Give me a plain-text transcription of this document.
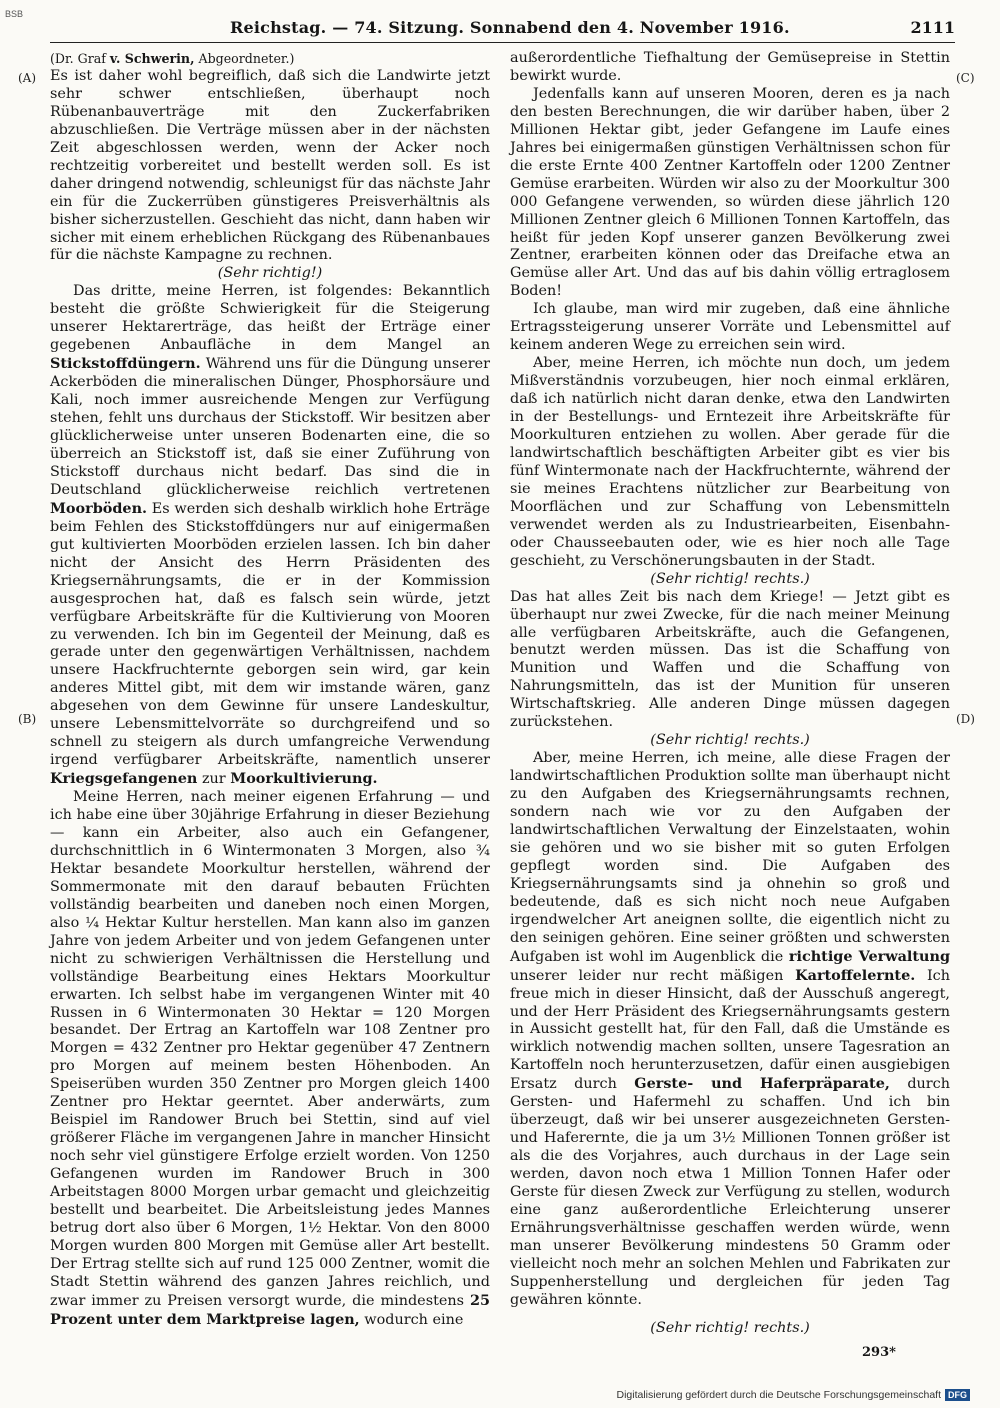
BSB
Reichstag. — 74. Sitzung. Sonnabend den 4. November 1916.	2111
(A)
(B)
(C)
(D)

(Dr. Graf v. Schwerin, Abgeordneter.)

Es ist daher wohl begreiflich, daß sich die Landwirte jetzt sehr schwer entschließen, überhaupt noch Rübenanbauverträge mit den Zuckerfabriken abzuschließen. Die Verträge müssen aber in der nächsten Zeit abgeschlossen werden, wenn der Acker noch rechtzeitig vorbereitet und bestellt werden soll. Es ist daher dringend notwendig, schleunigst für das nächste Jahr ein für die Zuckerrüben günstigeres Preisverhältnis als bisher sicherzustellen. Geschieht das nicht, dann haben wir sicher mit einem erheblichen Rückgang des Rübenanbaues für die nächste Kampagne zu rechnen.

(Sehr richtig!)

Das dritte, meine Herren, ist folgendes: Bekanntlich besteht die größte Schwierigkeit für die Steigerung unserer Hektarerträge, das heißt der Erträge einer gegebenen Anbaufläche in dem Mangel an Stickstoffdüngern. Während uns für die Düngung unserer Ackerböden die mineralischen Dünger, Phosphorsäure und Kali, noch immer ausreichende Mengen zur Verfügung stehen, fehlt uns durchaus der Stickstoff. Wir besitzen aber glücklicherweise unter unseren Bodenarten eine, die so überreich an Stickstoff ist, daß sie einer Zuführung von Stickstoff durchaus nicht bedarf. Das sind die in Deutschland glücklicherweise reichlich vertretenen Moorböden. Es werden sich deshalb wirklich hohe Erträge beim Fehlen des Stickstoffdüngers nur auf einigermaßen gut kultivierten Moorböden erzielen lassen. Ich bin daher nicht der Ansicht des Herrn Präsidenten des Kriegsernährungsamts, die er in der Kommission ausgesprochen hat, daß es falsch sein würde, jetzt verfügbare Arbeitskräfte für die Kultivierung von Mooren zu verwenden. Ich bin im Gegenteil der Meinung, daß es gerade unter den gegenwärtigen Verhältnissen, nachdem unsere Hackfruchternte geborgen sein wird, gar kein anderes Mittel gibt, mit dem wir imstande wären, ganz abgesehen von dem Gewinne für unsere Landeskultur, unsere Lebensmittelvorräte so durchgreifend und so schnell zu steigern als durch umfangreiche Verwendung irgend verfügbarer Arbeitskräfte, namentlich unserer Kriegsgefangenen zur Moorkultivierung.

Meine Herren, nach meiner eigenen Erfahrung — und ich habe eine über 30jährige Erfahrung in dieser Beziehung — kann ein Arbeiter, also auch ein Gefangener, durchschnittlich in 6 Wintermonaten 3 Morgen, also ¾ Hektar besandete Moorkultur herstellen, während der Sommermonate mit den darauf bebauten Früchten vollständig bearbeiten und daneben noch einen Morgen, also ¼ Hektar Kultur herstellen. Man kann also im ganzen Jahre von jedem Arbeiter und von jedem Gefangenen unter nicht zu schwierigen Verhältnissen die Herstellung und vollständige Bearbeitung eines Hektars Moorkultur erwarten. Ich selbst habe im vergangenen Winter mit 40 Russen in 6 Wintermonaten 30 Hektar = 120 Morgen besandet. Der Ertrag an Kartoffeln war 108 Zentner pro Morgen = 432 Zentner pro Hektar gegenüber 47 Zentnern pro Morgen auf meinem besten Höhenboden. An Speiserüben wurden 350 Zentner pro Morgen gleich 1400 Zentner pro Hektar geerntet. Aber anderwärts, zum Beispiel im Randower Bruch bei Stettin, sind auf viel größerer Fläche im vergangenen Jahre in mancher Hinsicht noch sehr viel günstigere Erfolge erzielt worden. Von 1250 Gefangenen wurden im Randower Bruch in 300 Arbeitstagen 8000 Morgen urbar gemacht und gleichzeitig bestellt und bearbeitet. Die Arbeitsleistung jedes Mannes betrug dort also über 6 Morgen, 1½ Hektar. Von den 8000 Morgen wurden 800 Morgen mit Gemüse aller Art bestellt. Der Ertrag stellte sich auf rund 125 000 Zentner, womit die Stadt Stettin während des ganzen Jahres reichlich, und zwar immer zu Preisen versorgt wurde, die mindestens 25 Prozent unter dem Marktpreise lagen, wodurch eine

außerordentliche Tiefhaltung der Gemüsepreise in Stettin bewirkt wurde.

Jedenfalls kann auf unseren Mooren, deren es ja nach den besten Berechnungen, die wir darüber haben, über 2 Millionen Hektar gibt, jeder Gefangene im Laufe eines Jahres bei einigermaßen günstigen Verhältnissen schon für die erste Ernte 400 Zentner Kartoffeln oder 1200 Zentner Gemüse erarbeiten. Würden wir also zu der Moorkultur 300 000 Gefangene verwenden, so würden diese jährlich 120 Millionen Zentner gleich 6 Millionen Tonnen Kartoffeln, das heißt für jeden Kopf unserer ganzen Bevölkerung zwei Zentner, erarbeiten können oder das Dreifache etwa an Gemüse aller Art. Und das auf bis dahin völlig ertraglosem Boden!

Ich glaube, man wird mir zugeben, daß eine ähnliche Ertragssteigerung unserer Vorräte und Lebensmittel auf keinem anderen Wege zu erreichen sein wird.

Aber, meine Herren, ich möchte nun doch, um jedem Mißverständnis vorzubeugen, hier noch einmal erklären, daß ich natürlich nicht daran denke, etwa den Landwirten in der Bestellungs- und Erntezeit ihre Arbeitskräfte für Moorkulturen entziehen zu wollen. Aber gerade für die landwirtschaftlich beschäftigten Arbeiter gibt es vier bis fünf Wintermonate nach der Hackfruchternte, während der sie meines Erachtens nützlicher zur Bearbeitung von Moorflächen und zur Schaffung von Lebensmitteln verwendet werden als zu Industriearbeiten, Eisenbahn- oder Chausseebauten oder, wie es hier noch alle Tage geschieht, zu Verschönerungsbauten in der Stadt.

(Sehr richtig! rechts.)

Das hat alles Zeit bis nach dem Kriege! — Jetzt gibt es überhaupt nur zwei Zwecke, für die nach meiner Meinung alle verfügbaren Arbeitskräfte, auch die Gefangenen, benutzt werden müssen. Das ist die Schaffung von Munition und Waffen und die Schaffung von Nahrungsmitteln, das ist der Munition für unseren Wirtschaftskrieg. Alle anderen Dinge müssen dagegen zurückstehen.

(Sehr richtig! rechts.)

Aber, meine Herren, ich meine, alle diese Fragen der landwirtschaftlichen Produktion sollte man überhaupt nicht zu den Aufgaben des Kriegsernährungsamts rechnen, sondern nach wie vor zu den Aufgaben der landwirtschaftlichen Verwaltung der Einzelstaaten, wohin sie gehören und wo sie bisher mit so guten Erfolgen gepflegt worden sind. Die Aufgaben des Kriegsernährungsamts sind ja ohnehin so groß und bedeutende, daß es sich nicht noch neue Aufgaben irgendwelcher Art aneignen sollte, die eigentlich nicht zu den seinigen gehören. Eine seiner größten und schwersten Aufgaben ist wohl im Augenblick die richtige Verwaltung unserer leider nur recht mäßigen Kartoffelernte. Ich freue mich in dieser Hinsicht, daß der Ausschuß angeregt, und der Herr Präsident des Kriegsernährungsamts gestern in Aussicht gestellt hat, für den Fall, daß die Umstände es wirklich notwendig machen sollten, unsere Tagesration an Kartoffeln noch herunterzusetzen, dafür einen ausgiebigen Ersatz durch Gerste- und Haferpräparate, durch Gersten- und Hafermehl zu schaffen. Und ich bin überzeugt, daß wir bei unserer ausgezeichneten Gersten- und Haferernte, die ja um 3½ Millionen Tonnen größer ist als die des Vorjahres, auch durchaus in der Lage sein werden, davon noch etwa 1 Million Tonnen Hafer oder Gerste für diesen Zweck zur Verfügung zu stellen, wodurch eine ganz außerordentliche Erleichterung unserer Ernährungsverhältnisse geschaffen werden würde, wenn man unserer Bevölkerung mindestens 50 Gramm oder vielleicht noch mehr an solchen Mehlen und Fabrikaten zur Suppenherstellung und dergleichen für jeden Tag gewähren könnte.

(Sehr richtig! rechts.)

293*
Digitalisierung gefördert durch die Deutsche Forschungsgemeinschaft DFG
